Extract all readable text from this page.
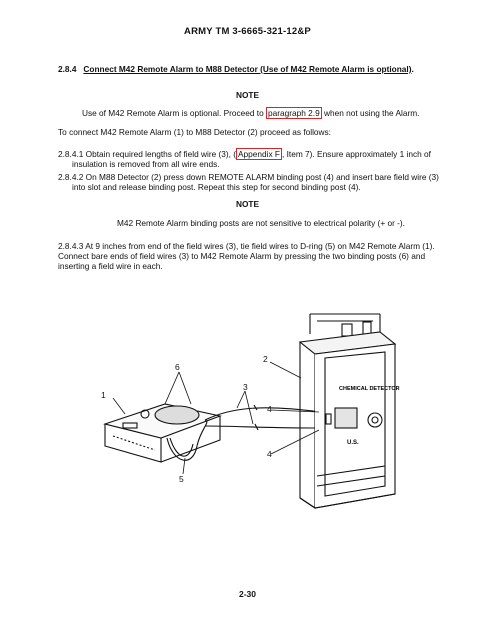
ARMY TM 3-6665-321-12&P
2.8.4 Connect M42 Remote Alarm to M88 Detector (Use of M42 Remote Alarm is optional).
NOTE
Use of M42 Remote Alarm is optional. Proceed to paragraph 2.9 when not using the Alarm.
To connect M42 Remote Alarm (1) to M88 Detector (2) proceed as follows:
2.8.4.1 Obtain required lengths of field wire (3), ( Appendix F , Item 7). Ensure approximately 1 inch of
insulation is removed from all wire ends.
2.8.4.2 On M88 Detector (2) press down REMOTE ALARM binding post (4) and insert bare field wire (3)
into slot and release binding post. Repeat this step for second binding post (4).
NOTE
M42 Remote Alarm binding posts are not sensitive to electrical polarity (+ or -).
2.8.4.3 At 9 inches from end of the field wires (3), tie field wires to D-ring (5) on M42 Remote Alarm (1).
Connect bare ends of field wires (3) to M42 Remote Alarm by pressing the two binding posts (6) and
inserting a field wire in each.
CHEMICAL DETECTOR
U.S.
1
2
3
4
4
5
6
2-30
